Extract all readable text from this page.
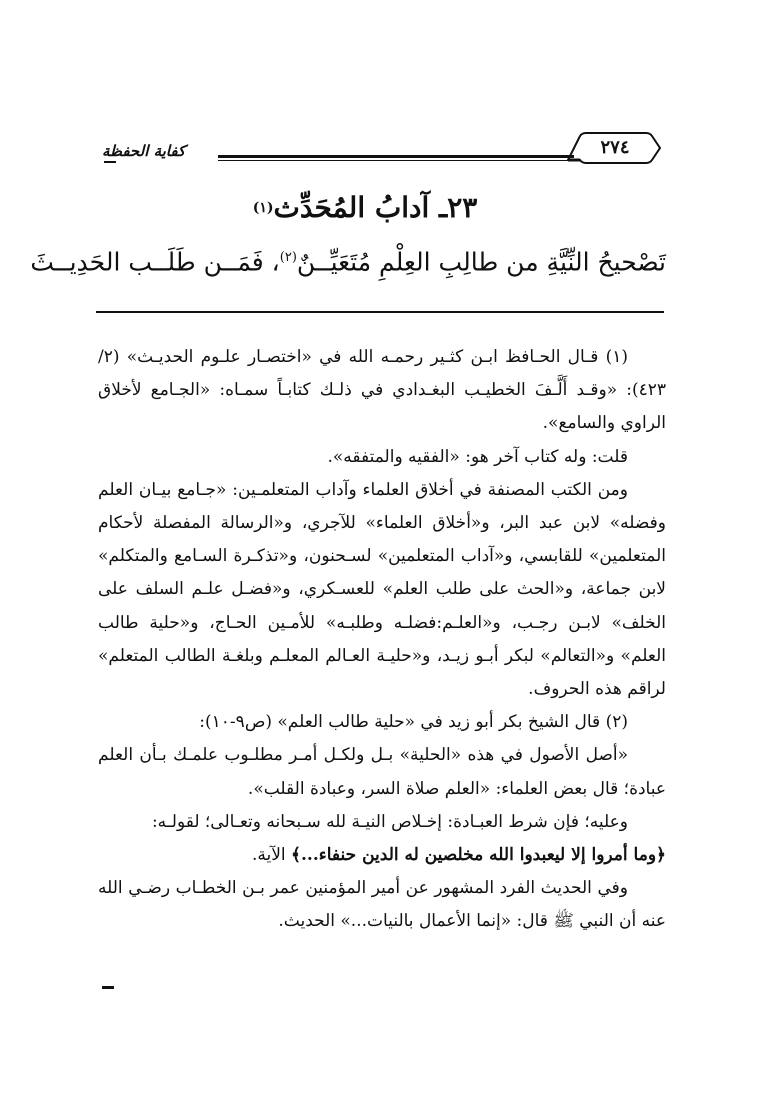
كفاية الحفظة	٢٧٤
٢٣ـ آدابُ المُحَدِّث$^{(١)}$
تَصْحيحُ النِّيَّةِ من طالِبِ العِلْمِ مُتَعَيِّــنٌ$^{(٢)}$، فَمَــن طَلَــب الحَدِيــثَ

(١) قـال الحـافظ ابـن كثـير رحمـه الله في «اختصـار علـوم الحديـث» (٢/ ٤٢٣): «وقـد أَلَّـفَ الخطيـب البغـدادي في ذلـك كتابـاً سمـاه: «الجـامع لأخلاق الراوي والسامع».

قلت: وله كتاب آخر هو: «الفقيه والمتفقه».

ومن الكتب المصنفة في أخلاق العلماء وآداب المتعلمـين: «جـامع بيـان العلم وفضله» لابن عبد البر، و«أخلاق العلماء» للآجري، و«الرسالة المفصلة لأحكام المتعلمين» للقابسي، و«آداب المتعلمين» لسـحنون، و«تذكـرة السـامع والمتكلم» لابن جماعة، و«الحث على طلب العلم» للعسـكري، و«فضـل علـم السلف على الخلف» لابـن رجـب، و«العلـم:فضلـه وطلبـه» للأمـين الحـاج، و«حلية طالب العلم» و«التعالم» لبكر أبـو زيـد، و«حليـة العـالم المعلـم وبلغـة الطالب المتعلم» لراقم هذه الحروف.

(٢) قال الشيخ بكر أبو زيد في «حلية طالب العلم» (ص٩-١٠):

«أصل الأصول في هذه «الحلية» بـل ولكـل أمـر مطلـوب علمـك بـأن العلم عبادة؛ قال بعض العلماء: «العلم صلاة السر، وعبادة القلب».

وعليه؛ فإن شرط العبـادة: إخـلاص النيـة لله سـبحانه وتعـالى؛ لقولـه:

﴿وما أمروا إلا ليعبدوا الله مخلصين له الدين حنفاء...﴾ الآية.

وفي الحديث الفرد المشهور عن أمير المؤمنين عمر بـن الخطـاب رضـي الله عنه أن النبي ﷺ قال: «إنما الأعمال بالنيات...» الحديث.
